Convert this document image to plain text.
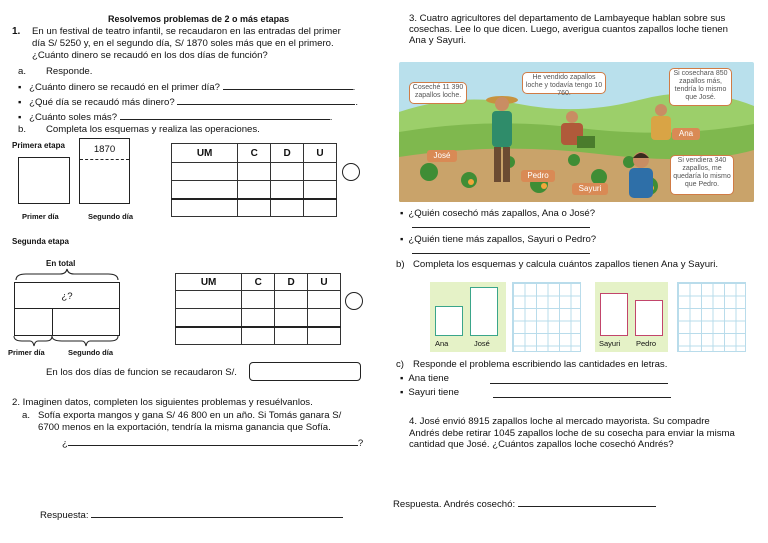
Resolvemos problemas de 2 o más etapas
1. En un festival de teatro infantil, se recaudaron en las entradas del primer
día S/ 5250 y, en el segundo día, S/ 1870 soles más que en el primero.
¿Cuánto dinero se recaudó en los dos días de función?
a. Responde.
▪ ¿Cuánto dinero se recaudó en el primer día?	.
▪ ¿Qué día se recaudó más dinero?	.
▪ ¿Cuánto soles más?	.
b. Completa los esquemas y realiza las operaciones.
Primera etapa	1870
Primer día	Segundo día
UM	C	D	U

Segunda etapa
En total
¿?
Primer día	Segundo día
UM	C	D	U

En los dos días de funcion se recaudaron S/.
2. Imaginen datos, completen los siguientes problemas y resuélvanlos.
a. Sofía exporta mangos y gana S/ 46 800 en un año. Si Tomás ganara S/
6700 menos en la exportación, tendría la misma ganancia que Sofía.
¿	?
Respuesta:
3. Cuatro agricultores del departamento de Lambayeque hablan sobre sus
cosechas. Lee lo que dicen. Luego, averigua cuantos zapallos loche tienen
Ana y Sayuri.
Coseché 11 390 zapallos loche.
He vendido zapallos loche y todavía tengo 10 760.
Si cosechara 850 zapallos más, tendría lo mismo que José.
Si vendiera 340 zapallos, me quedaría lo mismo que Pedro.
José
Pedro
Ana
Sayuri
▪ ¿Quién cosechó más zapallos, Ana o José?
▪ ¿Quién tiene más zapallos, Sayuri o Pedro?
b) Completa los esquemas y calcula cuántos zapallos tienen Ana y Sayuri.
Ana	José	Sayuri Pedro
c) Responde el problema escribiendo las cantidades en letras.
▪ Ana tiene
▪ Sayuri tiene
4. José envió 8915 zapallos loche al mercado mayorista. Su compadre
Andrés debe retirar 1045 zapallos loche de su cosecha para enviar la misma
cantidad que José. ¿Cuántos zapallos loche cosechó Andrés?
Respuesta. Andrés cosechó:
